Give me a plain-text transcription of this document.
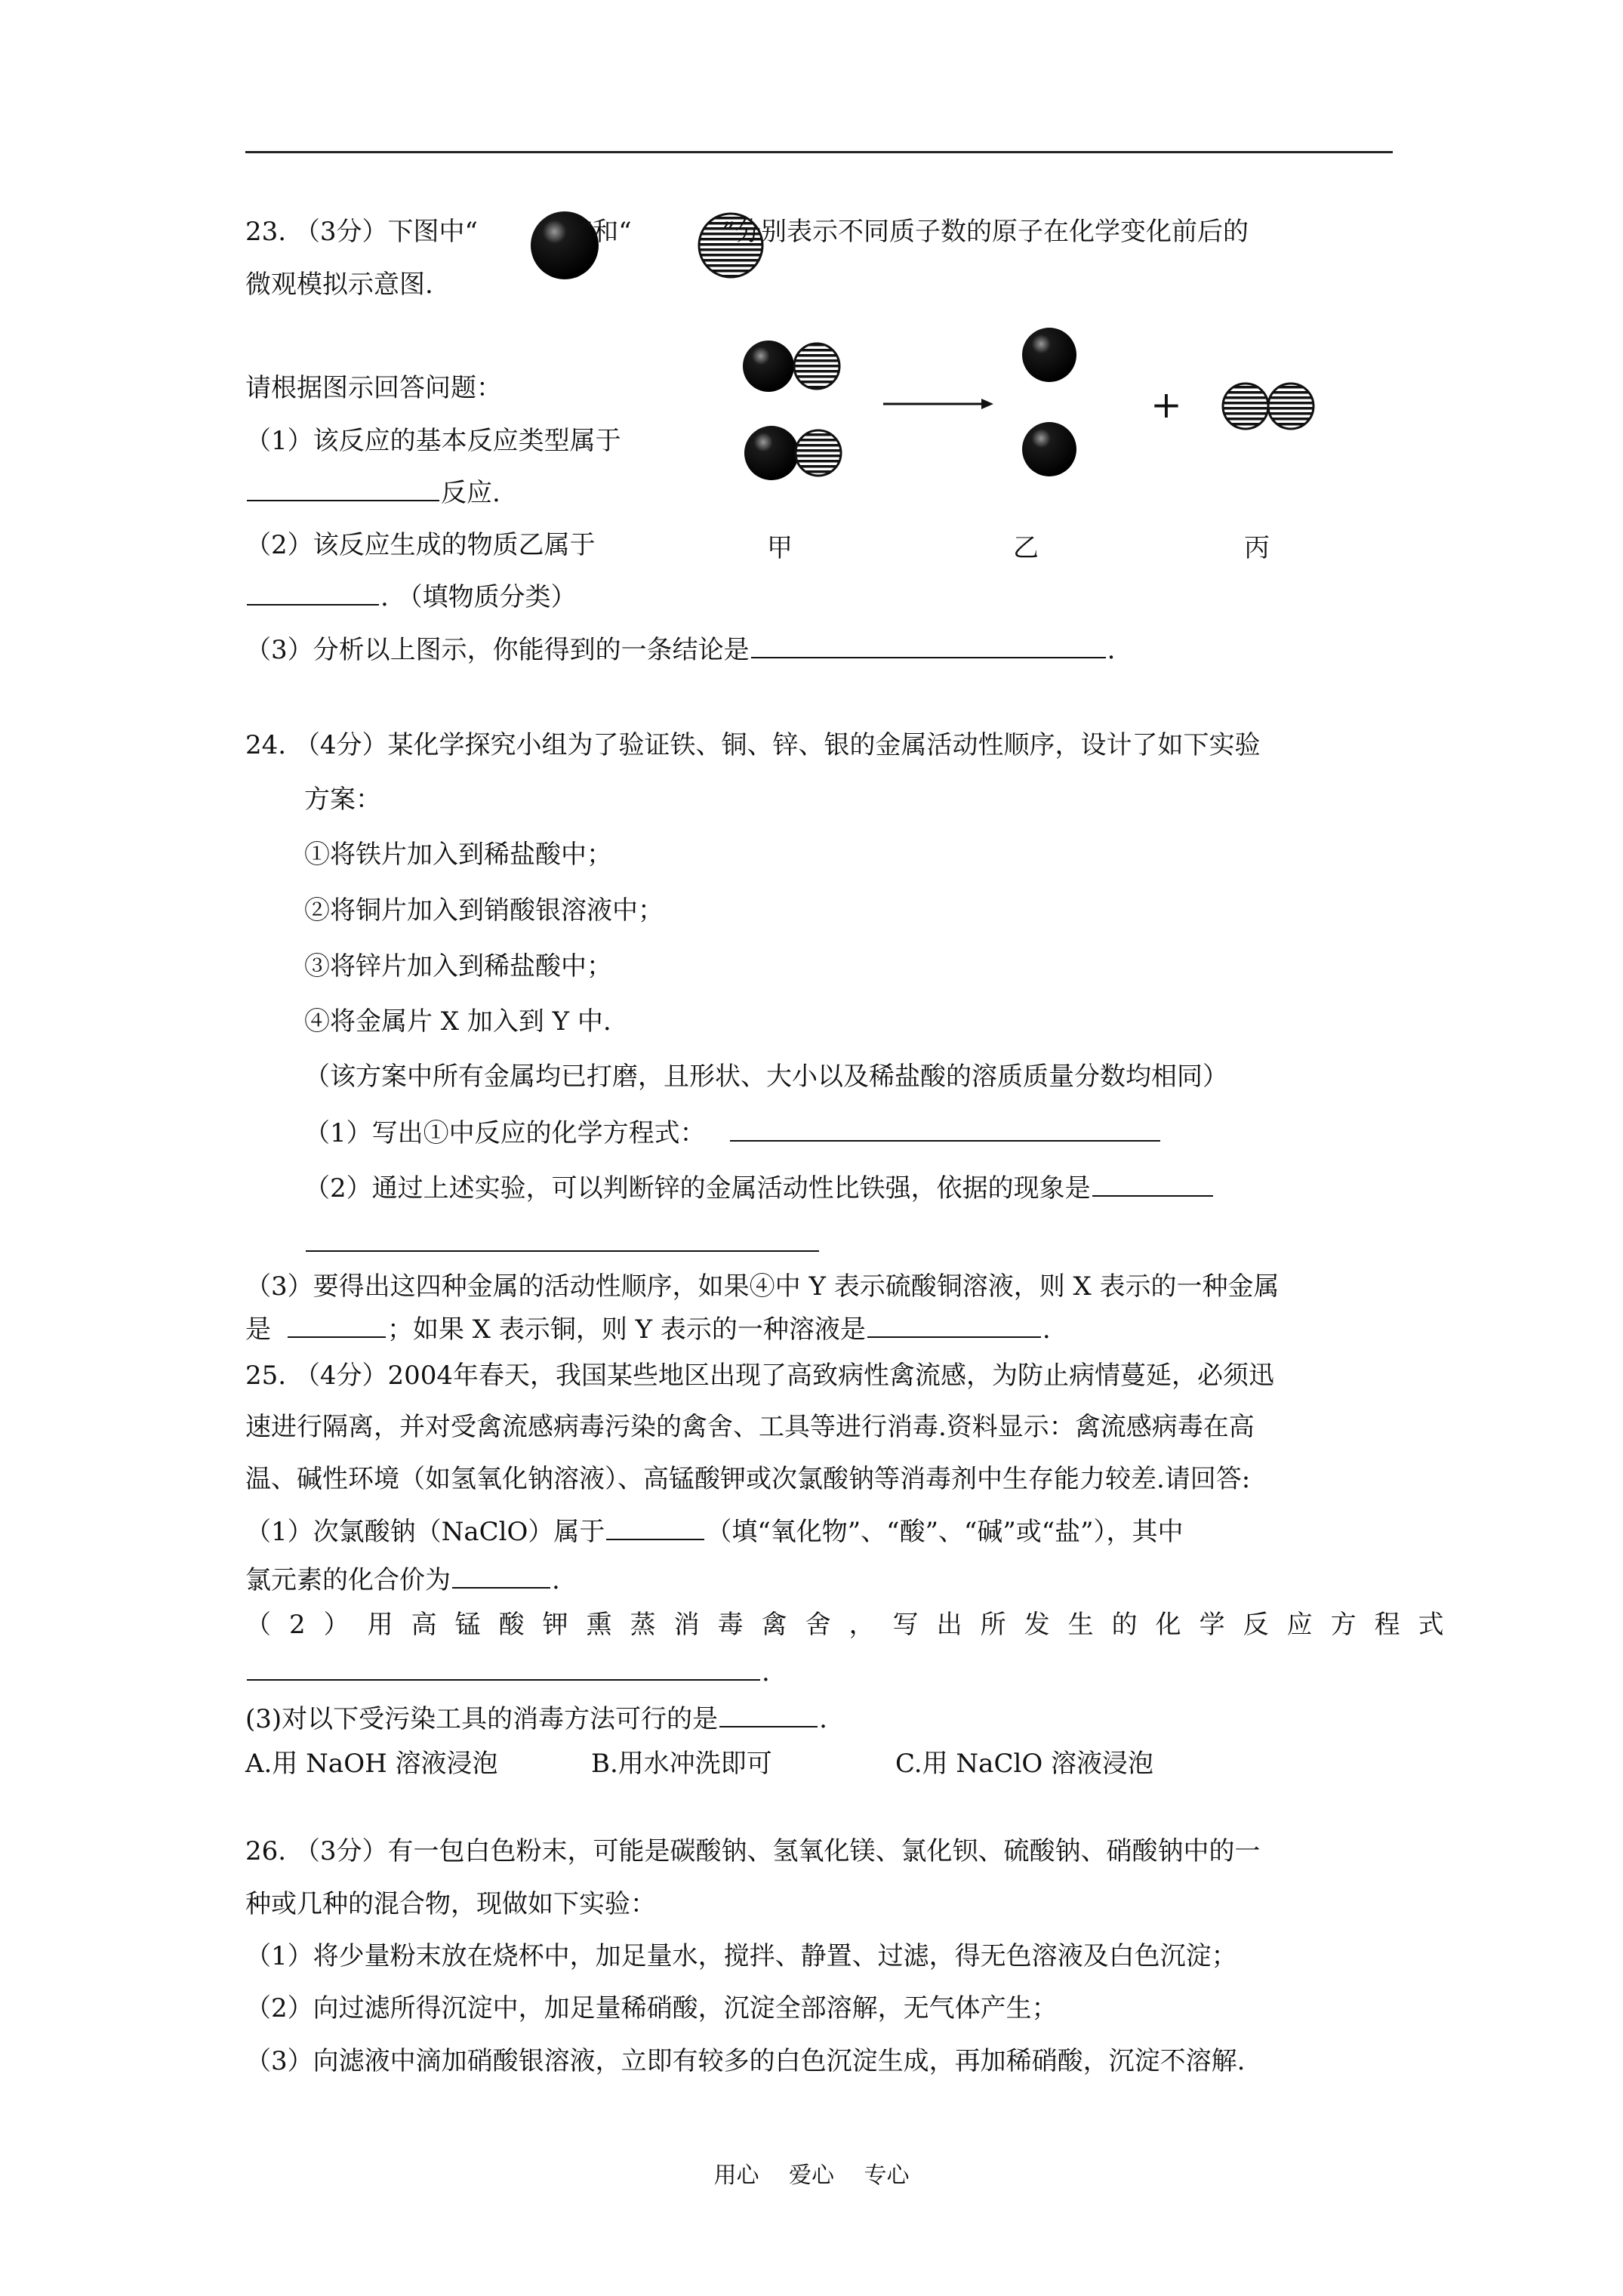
23. （3分）下图中“	”和“	”分别表示不同质子数的原子在化学变化前后的
微观模拟示意图.
请根据图示回答问题：
（1）该反应的基本反应类型属于
反应.
（2）该反应生成的物质乙属于
. （填物质分类）
（3）分析以上图示，你能得到的一条结论是	.
甲	乙	丙
+
24. （4分）某化学探究小组为了验证铁、铜、锌、银的金属活动性顺序，设计了如下实验
方案：
①将铁片加入到稀盐酸中；
②将铜片加入到销酸银溶液中；
③将锌片加入到稀盐酸中；
④将金属片 X 加入到 Y 中.
（该方案中所有金属均已打磨，且形状、大小以及稀盐酸的溶质质量分数均相同）
（1）写出①中反应的化学方程式：
（2）通过上述实验，可以判断锌的金属活动性比铁强，依据的现象是
（3）要得出这四种金属的活动性顺序，如果④中 Y 表示硫酸铜溶液，则 X 表示的一种金属
是	；如果 X 表示铜，则 Y 表示的一种溶液是	.
25. （4分）2004年春天，我国某些地区出现了高致病性禽流感，为防止病情蔓延，必须迅
速进行隔离，并对受禽流感病毒污染的禽舍、工具等进行消毒.资料显示：禽流感病毒在高
温、碱性环境（如氢氧化钠溶液）、高锰酸钾或次氯酸钠等消毒剂中生存能力较差.请回答:
（1）次氯酸钠（NaClO）属于	（填“氧化物”、“酸”、“碱”或“盐”），其中
氯元素的化合价为	.
（2）用高锰酸钾熏蒸消毒禽舍，写出所发生的化学反应方程式
.
(3)对以下受污染工具的消毒方法可行的是	.
A.用 NaOH 溶液浸泡	B.用水冲洗即可	C.用 NaClO 溶液浸泡
26. （3分）有一包白色粉末，可能是碳酸钠、氢氧化镁、氯化钡、硫酸钠、硝酸钠中的一
种或几种的混合物，现做如下实验：
（1）将少量粉末放在烧杯中，加足量水，搅拌、静置、过滤，得无色溶液及白色沉淀；
（2）向过滤所得沉淀中，加足量稀硝酸，沉淀全部溶解，无气体产生；
（3）向滤液中滴加硝酸银溶液，立即有较多的白色沉淀生成，再加稀硝酸，沉淀不溶解.
用心 爱心 专心
